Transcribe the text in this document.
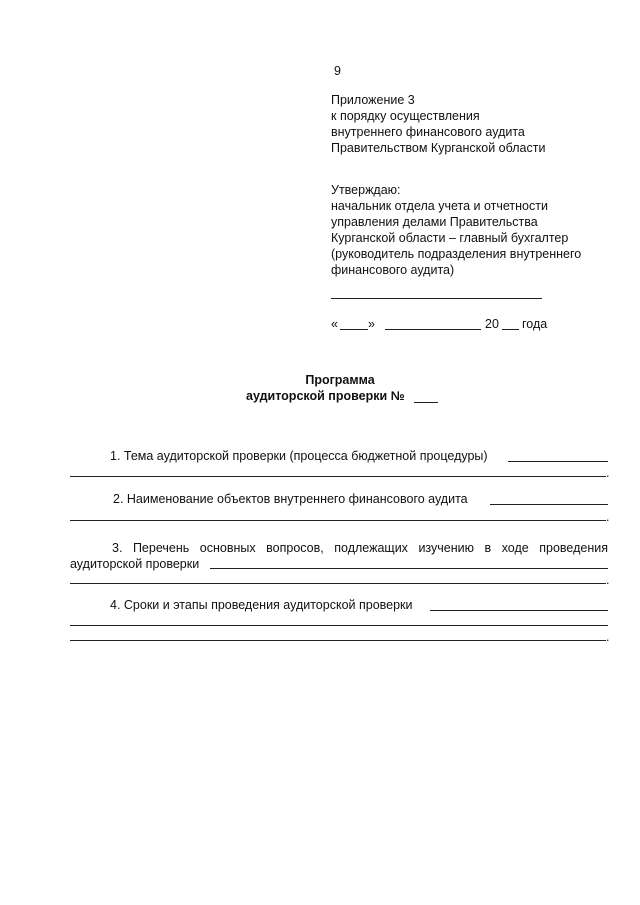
9
Приложение 3
к порядку осуществления
внутреннего финансового аудита
Правительством Курганской области
Утверждаю:
начальник отдела учета и отчетности
управления делами Правительства
Курганской области – главный бухгалтер
(руководитель подразделения внутреннего
финансового аудита)
« »	20 года
Программа
аудиторской проверки №
1. Тема аудиторской проверки (процесса бюджетной процедуры)
.
2. Наименование объектов внутреннего финансового аудита
.
3. Перечень основных вопросов, подлежащих изучению в ходе проведения
аудиторской проверки
.
4. Сроки и этапы проведения аудиторской проверки
.
